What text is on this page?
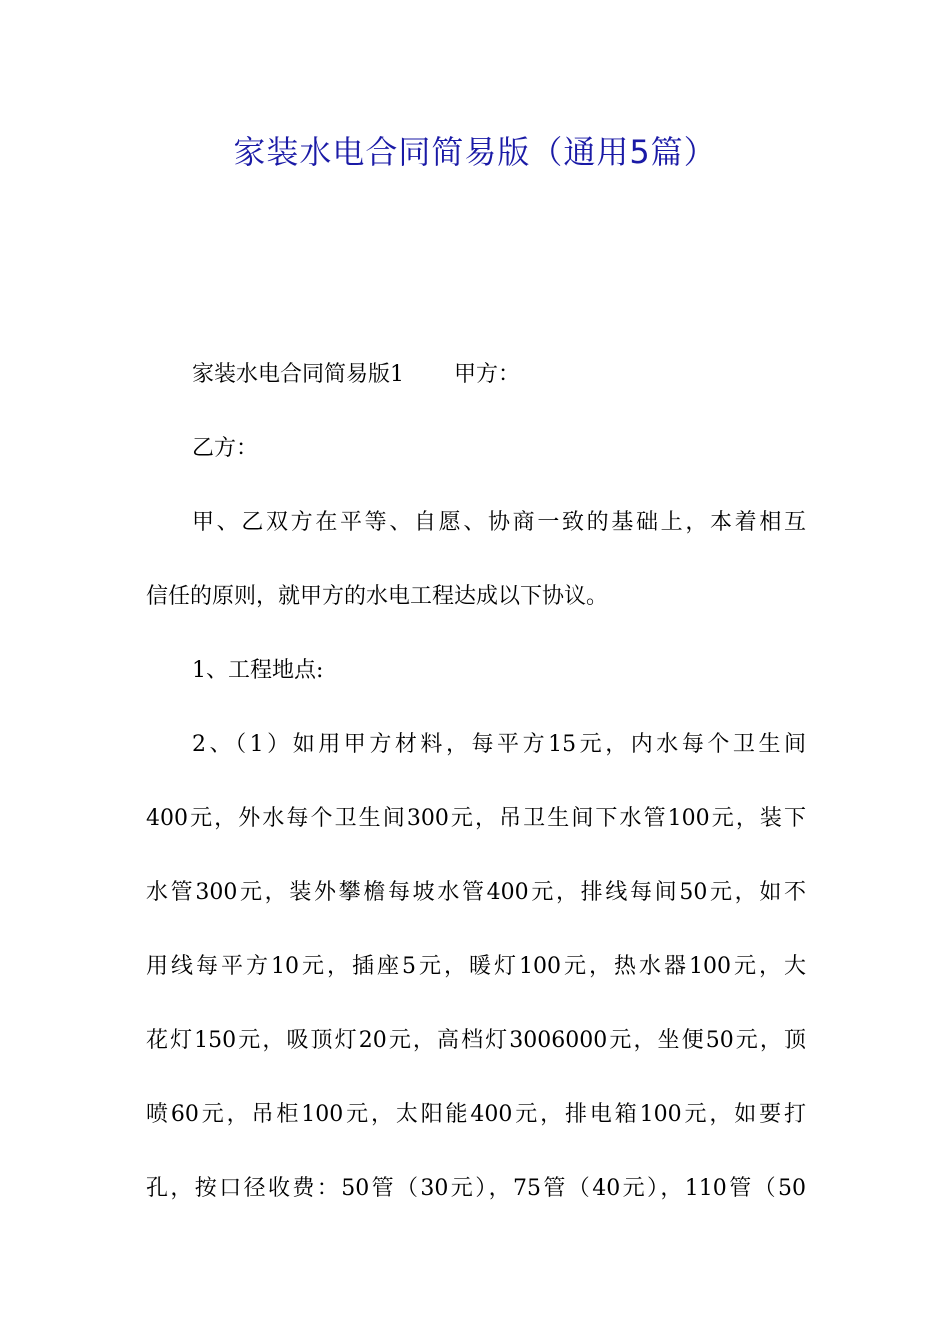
家装水电合同简易版（通用5篇）

家装水电合同简易版1 甲方：

乙方：

甲、乙双方在平等、自愿、协商一致的基础上，本着相互

信任的原则，就甲方的水电工程达成以下协议。

1、工程地点:

2、（1）如用甲方材料，每平方15元，内水每个卫生间

400元，外水每个卫生间300元，吊卫生间下水管100元，装下

水管300元，装外攀檐每坡水管400元，排线每间50元，如不

用线每平方10元，插座5元，暖灯100元，热水器100元，大

花灯150元，吸顶灯20元，高档灯3006000元，坐便50元，顶

喷60元，吊柜100元，太阳能400元，排电箱100元，如要打

孔，按口径收费：50管（30元），75管（40元），110管（50
